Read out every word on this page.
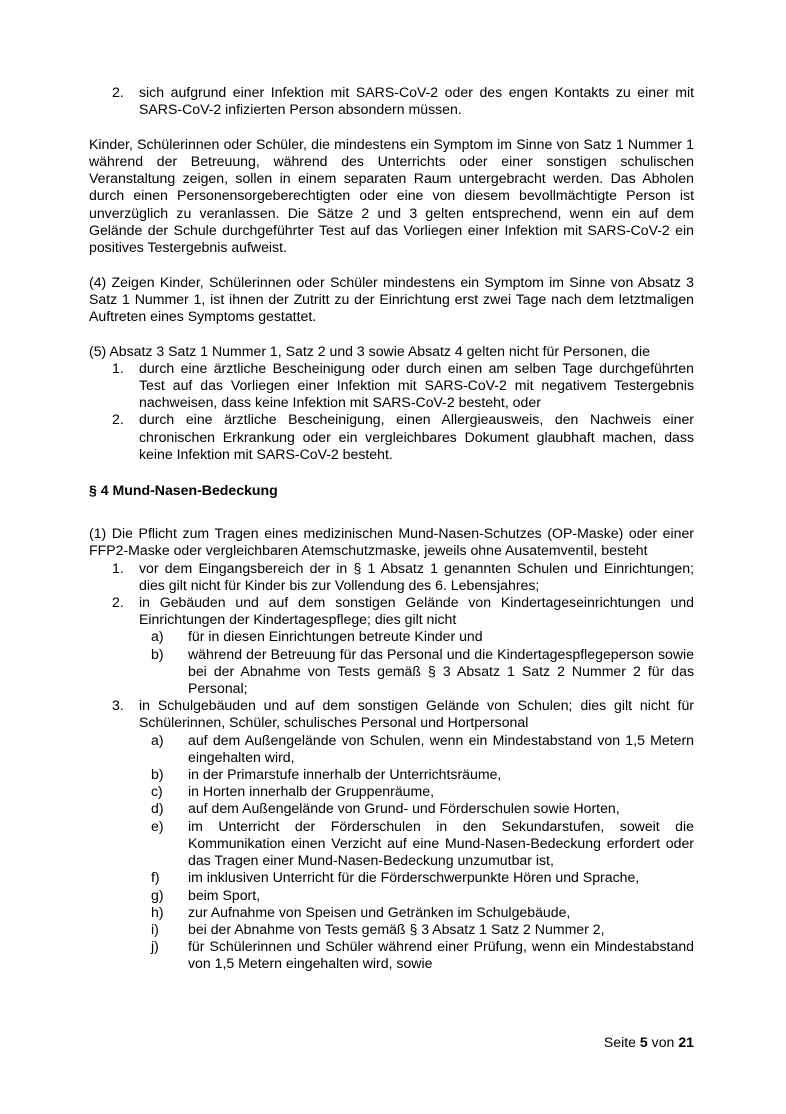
2. sich aufgrund einer Infektion mit SARS-CoV-2 oder des engen Kontakts zu einer mit SARS-CoV-2 infizierten Person absondern müssen.
Kinder, Schülerinnen oder Schüler, die mindestens ein Symptom im Sinne von Satz 1 Nummer 1 während der Betreuung, während des Unterrichts oder einer sonstigen schulischen Veranstaltung zeigen, sollen in einem separaten Raum untergebracht werden. Das Abholen durch einen Personensorgeberechtigten oder eine von diesem bevollmächtigte Person ist unverzüglich zu veranlassen. Die Sätze 2 und 3 gelten entsprechend, wenn ein auf dem Gelände der Schule durchgeführter Test auf das Vorliegen einer Infektion mit SARS-CoV-2 ein positives Testergebnis aufweist.
(4) Zeigen Kinder, Schülerinnen oder Schüler mindestens ein Symptom im Sinne von Absatz 3 Satz 1 Nummer 1, ist ihnen der Zutritt zu der Einrichtung erst zwei Tage nach dem letztmaligen Auftreten eines Symptoms gestattet.
(5) Absatz 3 Satz 1 Nummer 1, Satz 2 und 3 sowie Absatz 4 gelten nicht für Personen, die
1. durch eine ärztliche Bescheinigung oder durch einen am selben Tage durchgeführten Test auf das Vorliegen einer Infektion mit SARS-CoV-2 mit negativem Testergebnis nachweisen, dass keine Infektion mit SARS-CoV-2 besteht, oder
2. durch eine ärztliche Bescheinigung, einen Allergieausweis, den Nachweis einer chronischen Erkrankung oder ein vergleichbares Dokument glaubhaft machen, dass keine Infektion mit SARS-CoV-2 besteht.
§ 4 Mund-Nasen-Bedeckung
(1) Die Pflicht zum Tragen eines medizinischen Mund-Nasen-Schutzes (OP-Maske) oder einer FFP2-Maske oder vergleichbaren Atemschutzmaske, jeweils ohne Ausatemventil, besteht
1. vor dem Eingangsbereich der in § 1 Absatz 1 genannten Schulen und Einrichtungen; dies gilt nicht für Kinder bis zur Vollendung des 6. Lebensjahres;
2. in Gebäuden und auf dem sonstigen Gelände von Kindertageseinrichtungen und Einrichtungen der Kindertagespflege; dies gilt nicht
a) für in diesen Einrichtungen betreute Kinder und
b) während der Betreuung für das Personal und die Kindertagespflegeperson sowie bei der Abnahme von Tests gemäß § 3 Absatz 1 Satz 2 Nummer 2 für das Personal;
3. in Schulgebäuden und auf dem sonstigen Gelände von Schulen; dies gilt nicht für Schülerinnen, Schüler, schulisches Personal und Hortpersonal
a) auf dem Außengelände von Schulen, wenn ein Mindestabstand von 1,5 Metern eingehalten wird,
b) in der Primarstufe innerhalb der Unterrichtsräume,
c) in Horten innerhalb der Gruppenräume,
d) auf dem Außengelände von Grund- und Förderschulen sowie Horten,
e) im Unterricht der Förderschulen in den Sekundarstufen, soweit die Kommunikation einen Verzicht auf eine Mund-Nasen-Bedeckung erfordert oder das Tragen einer Mund-Nasen-Bedeckung unzumutbar ist,
f) im inklusiven Unterricht für die Förderschwerpunkte Hören und Sprache,
g) beim Sport,
h) zur Aufnahme von Speisen und Getränken im Schulgebäude,
i) bei der Abnahme von Tests gemäß § 3 Absatz 1 Satz 2 Nummer 2,
j) für Schülerinnen und Schüler während einer Prüfung, wenn ein Mindestabstand von 1,5 Metern eingehalten wird, sowie
Seite 5 von 21
